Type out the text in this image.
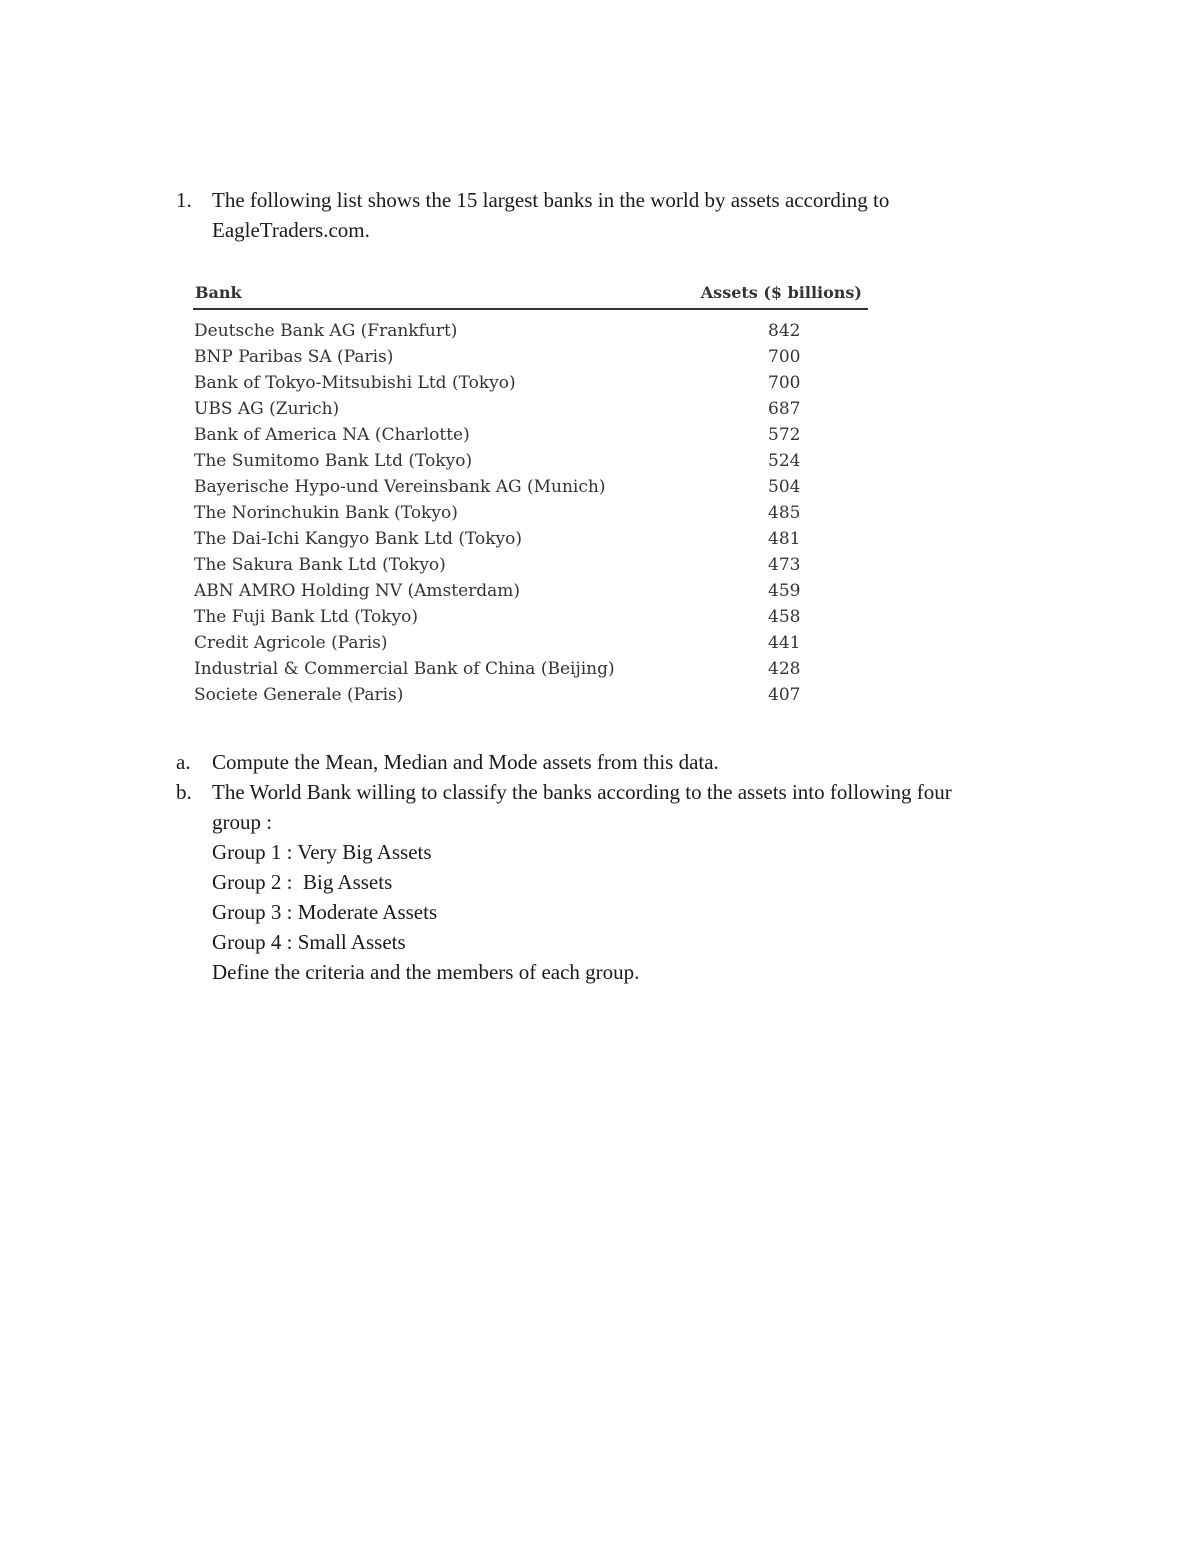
1. The following list shows the 15 largest banks in the world by assets according to
EagleTraders.com.
Bank	Assets ($ billions)
Deutsche Bank AG (Frankfurt)	842
BNP Paribas SA (Paris)	700
Bank of Tokyo-Mitsubishi Ltd (Tokyo)	700
UBS AG (Zurich)	687
Bank of America NA (Charlotte)	572
The Sumitomo Bank Ltd (Tokyo)	524
Bayerische Hypo-und Vereinsbank AG (Munich)	504
The Norinchukin Bank (Tokyo)	485
The Dai-Ichi Kangyo Bank Ltd (Tokyo)	481
The Sakura Bank Ltd (Tokyo)	473
ABN AMRO Holding NV (Amsterdam)	459
The Fuji Bank Ltd (Tokyo)	458
Credit Agricole (Paris)	441
Industrial & Commercial Bank of China (Beijing)	428
Societe Generale (Paris)	407
a. Compute the Mean, Median and Mode assets from this data.
b. The World Bank willing to classify the banks according to the assets into following four
group :
Group 1 : Very Big Assets
Group 2 :  Big Assets
Group 3 : Moderate Assets
Group 4 : Small Assets
Define the criteria and the members of each group.
